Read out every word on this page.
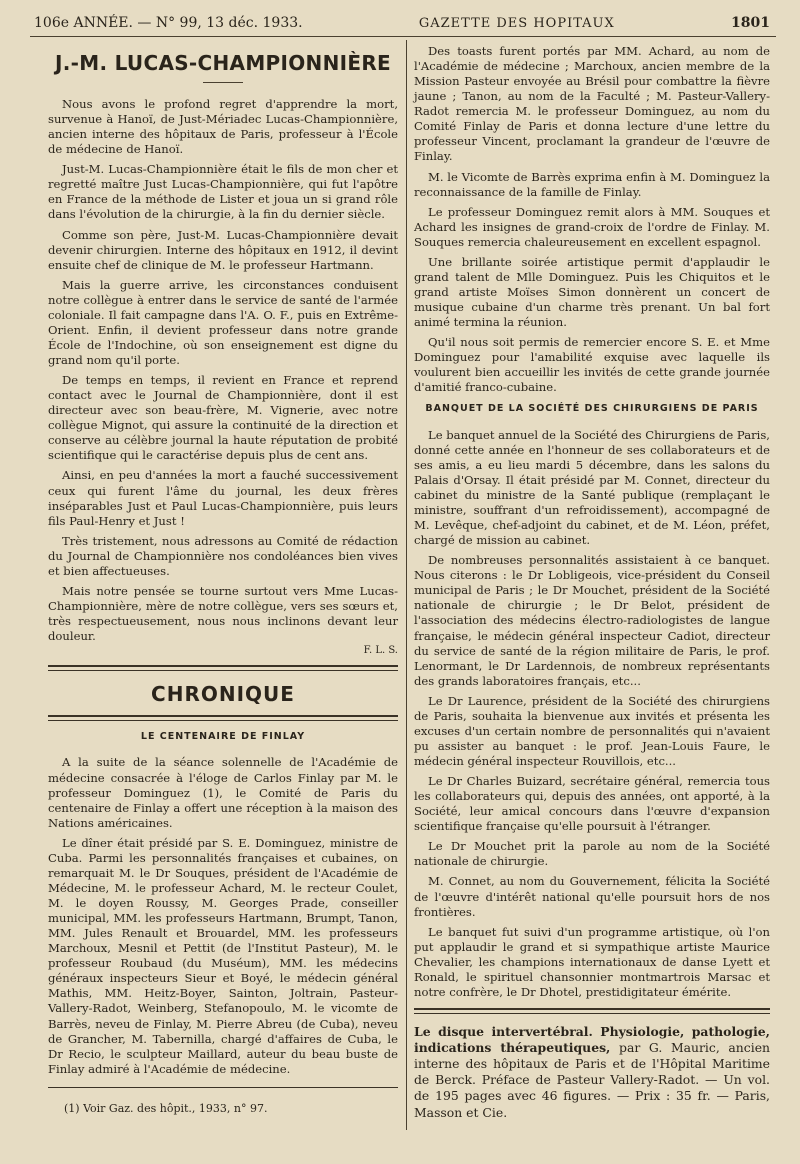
106e ANNÉE. — N° 99, 13 déc. 1933.	GAZETTE DES HOPITAUX	1801
J.-M. LUCAS-CHAMPIONNIÈRE

Nous avons le profond regret d'apprendre la mort, survenue à Hanoï, de Just-Mériadec Lucas-Championnière, ancien interne des hôpitaux de Paris, professeur à l'École de médecine de Hanoï.

Just-M. Lucas-Championnière était le fils de mon cher et regretté maître Just Lucas-Championnière, qui fut l'apôtre en France de la méthode de Lister et joua un si grand rôle dans l'évolution de la chirurgie, à la fin du dernier siècle.

Comme son père, Just-M. Lucas-Championnière devait devenir chirurgien. Interne des hôpitaux en 1912, il devint ensuite chef de clinique de M. le professeur Hartmann.

Mais la guerre arrive, les circonstances conduisent notre collègue à entrer dans le service de santé de l'armée coloniale. Il fait campagne dans l'A. O. F., puis en Extrême-Orient. Enfin, il devient professeur dans notre grande École de l'Indochine, où son enseignement est digne du grand nom qu'il porte.

De temps en temps, il revient en France et reprend contact avec le Journal de Championnière, dont il est directeur avec son beau-frère, M. Vignerie, avec notre collègue Mignot, qui assure la continuité de la direction et conserve au célèbre journal la haute réputation de probité scientifique qui le caractérise depuis plus de cent ans.

Ainsi, en peu d'années la mort a fauché successivement ceux qui furent l'âme du journal, les deux frères inséparables Just et Paul Lucas-Championnière, puis leurs fils Paul-Henry et Just !

Très tristement, nous adressons au Comité de rédaction du Journal de Championnière nos condoléances bien vives et bien affectueuses.

Mais notre pensée se tourne surtout vers Mme Lucas-Championnière, mère de notre collègue, vers ses sœurs et, très respectueusement, nous nous inclinons devant leur douleur.

F. L. S.
CHRONIQUE
LE CENTENAIRE DE FINLAY

A la suite de la séance solennelle de l'Académie de médecine consacrée à l'éloge de Carlos Finlay par M. le professeur Dominguez (1), le Comité de Paris du centenaire de Finlay a offert une réception à la maison des Nations américaines.

Le dîner était présidé par S. E. Dominguez, ministre de Cuba. Parmi les personnalités françaises et cubaines, on remarquait M. le Dr Souques, président de l'Académie de Médecine, M. le professeur Achard, M. le recteur Coulet, M. le doyen Roussy, M. Georges Prade, conseiller municipal, MM. les professeurs Hartmann, Brumpt, Tanon, MM. Jules Renault et Brouardel, MM. les professeurs Marchoux, Mesnil et Pettit (de l'Institut Pasteur), M. le professeur Roubaud (du Muséum), MM. les médecins généraux inspecteurs Sieur et Boyé, le médecin général Mathis, MM. Heitz-Boyer, Sainton, Joltrain, Pasteur-Vallery-Radot, Weinberg, Stefanopoulo, M. le vicomte de Barrès, neveu de Finlay, M. Pierre Abreu (de Cuba), neveu de Grancher, M. Tabernilla, chargé d'affaires de Cuba, le Dr Recio, le sculpteur Maillard, auteur du beau buste de Finlay admiré à l'Académie de médecine.

(1) Voir Gaz. des hôpit., 1933, n° 97.

Des toasts furent portés par MM. Achard, au nom de l'Académie de médecine ; Marchoux, ancien membre de la Mission Pasteur envoyée au Brésil pour combattre la fièvre jaune ; Tanon, au nom de la Faculté ; M. Pasteur-Vallery-Radot remercia M. le professeur Dominguez, au nom du Comité Finlay de Paris et donna lecture d'une lettre du professeur Vincent, proclamant la grandeur de l'œuvre de Finlay.

M. le Vicomte de Barrès exprima enfin à M. Dominguez la reconnaissance de la famille de Finlay.

Le professeur Dominguez remit alors à MM. Souques et Achard les insignes de grand-croix de l'ordre de Finlay. M. Souques remercia chaleureusement en excellent espagnol.

Une brillante soirée artistique permit d'applaudir le grand talent de Mlle Dominguez. Puis les Chiquitos et le grand artiste Moïses Simon donnèrent un concert de musique cubaine d'un charme très prenant. Un bal fort animé termina la réunion.

Qu'il nous soit permis de remercier encore S. E. et Mme Dominguez pour l'amabilité exquise avec laquelle ils voulurent bien accueillir les invités de cette grande journée d'amitié franco-cubaine.

BANQUET DE LA SOCIÉTÉ DES CHIRURGIENS DE PARIS

Le banquet annuel de la Société des Chirurgiens de Paris, donné cette année en l'honneur de ses collaborateurs et de ses amis, a eu lieu mardi 5 décembre, dans les salons du Palais d'Orsay. Il était présidé par M. Connet, directeur du cabinet du ministre de la Santé publique (remplaçant le ministre, souffrant d'un refroidissement), accompagné de M. Levêque, chef-adjoint du cabinet, et de M. Léon, préfet, chargé de mission au cabinet.

De nombreuses personnalités assistaient à ce banquet. Nous citerons : le Dr Lobligeois, vice-président du Conseil municipal de Paris ; le Dr Mouchet, président de la Société nationale de chirurgie ; le Dr Belot, président de l'association des médecins électro-radiologistes de langue française, le médecin général inspecteur Cadiot, directeur du service de santé de la région militaire de Paris, le prof. Lenormant, le Dr Lardennois, de nombreux représentants des grands laboratoires français, etc...

Le Dr Laurence, président de la Société des chirurgiens de Paris, souhaita la bienvenue aux invités et présenta les excuses d'un certain nombre de personnalités qui n'avaient pu assister au banquet : le prof. Jean-Louis Faure, le médecin général inspecteur Rouvillois, etc...

Le Dr Charles Buizard, secrétaire général, remercia tous les collaborateurs qui, depuis des années, ont apporté, à la Société, leur amical concours dans l'œuvre d'expansion scientifique française qu'elle poursuit à l'étranger.

Le Dr Mouchet prit la parole au nom de la Société nationale de chirurgie.

M. Connet, au nom du Gouvernement, félicita la Société de l'œuvre d'intérêt national qu'elle poursuit hors de nos frontières.

Le banquet fut suivi d'un programme artistique, où l'on put applaudir le grand et si sympathique artiste Maurice Chevalier, les champions internationaux de danse Lyett et Ronald, le spirituel chansonnier montmartrois Marsac et notre confrère, le Dr Dhotel, prestidigitateur émérite.

Le disque intervertébral. Physiologie, pathologie, indications thérapeutiques, par G. Mauric, ancien interne des hôpitaux de Paris et de l'Hôpital Maritime de Berck. Préface de Pasteur Vallery-Radot. — Un vol. de 195 pages avec 46 figures. — Prix : 35 fr. — Paris, Masson et Cie.
